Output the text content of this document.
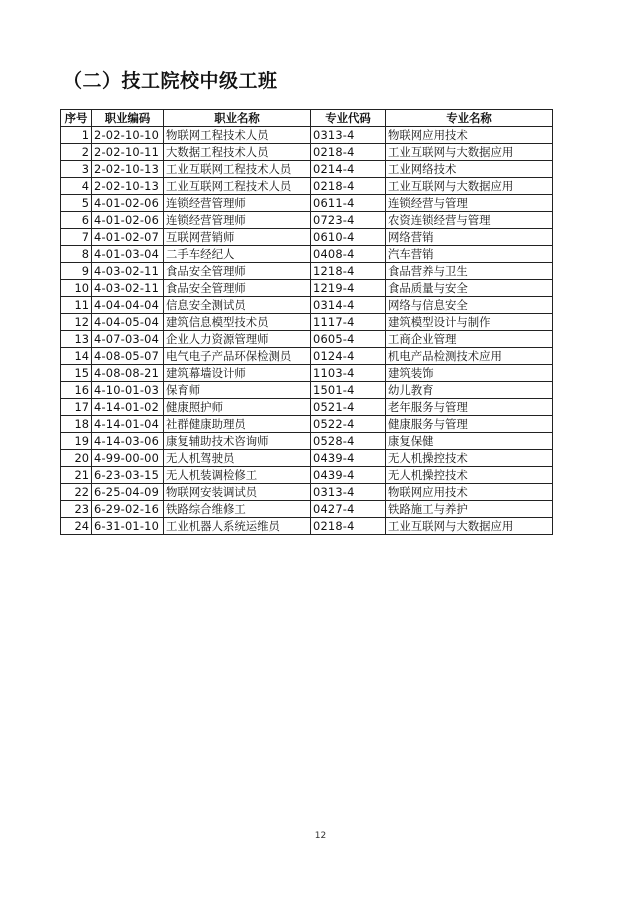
（二）技工院校中级工班
序号	职业编码	职业名称	专业代码	专业名称
1	2-02-10-10	物联网工程技术人员	0313-4	物联网应用技术
2	2-02-10-11	大数据工程技术人员	0218-4	工业互联网与大数据应用
3	2-02-10-13	工业互联网工程技术人员	0214-4	工业网络技术
4	2-02-10-13	工业互联网工程技术人员	0218-4	工业互联网与大数据应用
5	4-01-02-06	连锁经营管理师	0611-4	连锁经营与管理
6	4-01-02-06	连锁经营管理师	0723-4	农资连锁经营与管理
7	4-01-02-07	互联网营销师	0610-4	网络营销
8	4-01-03-04	二手车经纪人	0408-4	汽车营销
9	4-03-02-11	食品安全管理师	1218-4	食品营养与卫生
10	4-03-02-11	食品安全管理师	1219-4	食品质量与安全
11	4-04-04-04	信息安全测试员	0314-4	网络与信息安全
12	4-04-05-04	建筑信息模型技术员	1117-4	建筑模型设计与制作
13	4-07-03-04	企业人力资源管理师	0605-4	工商企业管理
14	4-08-05-07	电气电子产品环保检测员	0124-4	机电产品检测技术应用
15	4-08-08-21	建筑幕墙设计师	1103-4	建筑装饰
16	4-10-01-03	保育师	1501-4	幼儿教育
17	4-14-01-02	健康照护师	0521-4	老年服务与管理
18	4-14-01-04	社群健康助理员	0522-4	健康服务与管理
19	4-14-03-06	康复辅助技术咨询师	0528-4	康复保健
20	4-99-00-00	无人机驾驶员	0439-4	无人机操控技术
21	6-23-03-15	无人机装调检修工	0439-4	无人机操控技术
22	6-25-04-09	物联网安装调试员	0313-4	物联网应用技术
23	6-29-02-16	铁路综合维修工	0427-4	铁路施工与养护
24	6-31-01-10	工业机器人系统运维员	0218-4	工业互联网与大数据应用
12
